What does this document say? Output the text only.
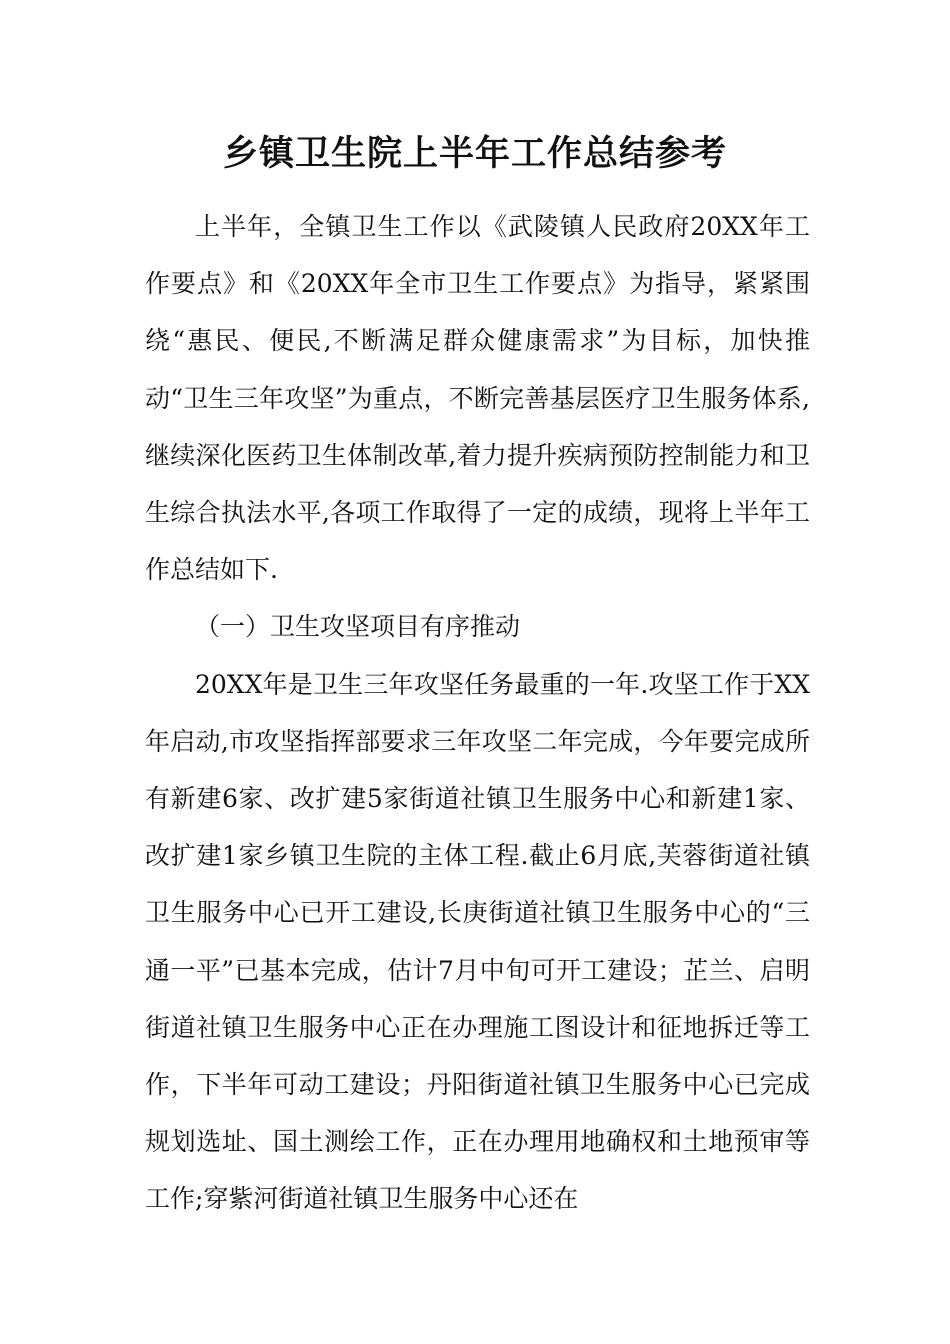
乡镇卫生院上半年工作总结参考

上半年，全镇卫生工作以《武陵镇人民政府20XX年工作要点》和《20XX年全市卫生工作要点》为指导，紧紧围绕“惠民、便民,不断满足群众健康需求”为目标，加快推动“卫生三年攻坚”为重点，不断完善基层医疗卫生服务体系,继续深化医药卫生体制改革,着力提升疾病预防控制能力和卫生综合执法水平,各项工作取得了一定的成绩，现将上半年工作总结如下.

（一）卫生攻坚项目有序推动

20XX年是卫生三年攻坚任务最重的一年.攻坚工作于XX年启动,市攻坚指挥部要求三年攻坚二年完成，今年要完成所有新建6家、改扩建5家街道社镇卫生服务中心和新建1家、改扩建1家乡镇卫生院的主体工程.截止6月底,芙蓉街道社镇卫生服务中心已开工建设,长庚街道社镇卫生服务中心的“三通一平”已基本完成，估计7月中旬可开工建设；芷兰、启明街道社镇卫生服务中心正在办理施工图设计和征地拆迁等工作，下半年可动工建设；丹阳街道社镇卫生服务中心已完成规划选址、国土测绘工作，正在办理用地确权和土地预审等工作;穿紫河街道社镇卫生服务中心还在
